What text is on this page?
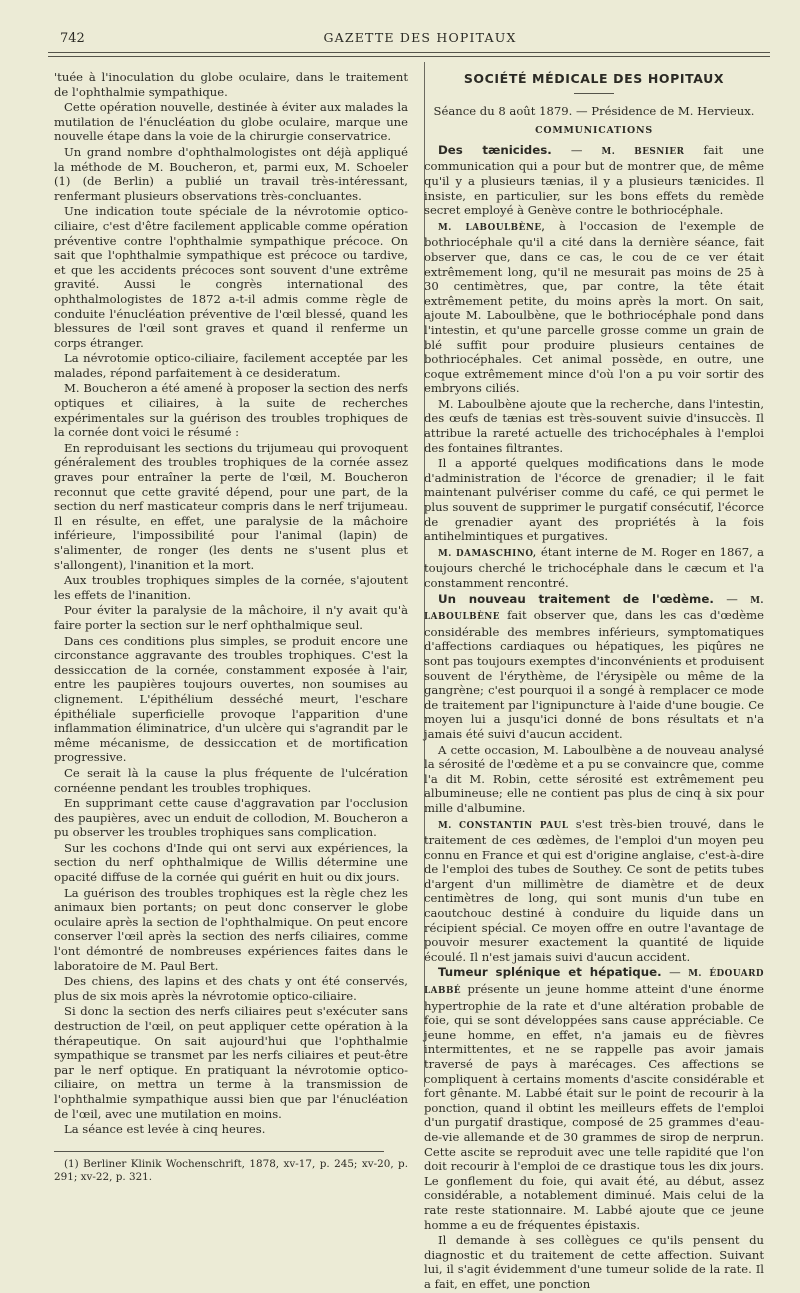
742	GAZETTE DES HOPITAUX

'tuée à l'inoculation du globe oculaire, dans le traitement de l'ophthalmie sympathique.

Cette opération nouvelle, destinée à éviter aux malades la mutilation de l'énucléation du globe oculaire, marque une nouvelle étape dans la voie de la chirurgie conservatrice.

Un grand nombre d'ophthalmologistes ont déjà appliqué la méthode de M. Boucheron, et, parmi eux, M. Schoeler (1) (de Berlin) a publié un travail très-intéressant, renfermant plusieurs observations très-concluantes.

Une indication toute spéciale de la névrotomie optico-ciliaire, c'est d'être facilement applicable comme opération préventive contre l'ophthalmie sympathique précoce. On sait que l'ophthalmie sympathique est précoce ou tardive, et que les accidents précoces sont souvent d'une extrême gravité. Aussi le congrès international des ophthalmologistes de 1872 a-t-il admis comme règle de conduite l'énucléation préventive de l'œil blessé, quand les blessures de l'œil sont graves et quand il renferme un corps étranger.

La névrotomie optico-ciliaire, facilement acceptée par les malades, répond parfaitement à ce desideratum.

M. Boucheron a été amené à proposer la section des nerfs optiques et ciliaires, à la suite de recherches expérimentales sur la guérison des troubles trophiques de la cornée dont voici le résumé :

En reproduisant les sections du trijumeau qui provoquent généralement des troubles trophiques de la cornée assez graves pour entraîner la perte de l'œil, M. Boucheron reconnut que cette gravité dépend, pour une part, de la section du nerf masticateur compris dans le nerf trijumeau. Il en résulte, en effet, une paralysie de la mâchoire inférieure, l'impossibilité pour l'animal (lapin) de s'alimenter, de ronger (les dents ne s'usent plus et s'allongent), l'inanition et la mort.

Aux troubles trophiques simples de la cornée, s'ajoutent les effets de l'inanition.

Pour éviter la paralysie de la mâchoire, il n'y avait qu'à faire porter la section sur le nerf ophthalmique seul.

Dans ces conditions plus simples, se produit encore une circonstance aggravante des troubles trophiques. C'est la dessiccation de la cornée, constamment exposée à l'air, entre les paupières toujours ouvertes, non soumises au clignement. L'épithélium desséché meurt, l'eschare épithéliale superficielle provoque l'apparition d'une inflammation éliminatrice, d'un ulcère qui s'agrandit par le même mécanisme, de dessiccation et de mortification progressive.

Ce serait là la cause la plus fréquente de l'ulcération cornéenne pendant les troubles trophiques.

En supprimant cette cause d'aggravation par l'occlusion des paupières, avec un enduit de collodion, M. Boucheron a pu observer les troubles trophiques sans complication.

Sur les cochons d'Inde qui ont servi aux expériences, la section du nerf ophthalmique de Willis détermine une opacité diffuse de la cornée qui guérit en huit ou dix jours.

La guérison des troubles trophiques est la règle chez les animaux bien portants; on peut donc conserver le globe oculaire après la section de l'ophthalmique. On peut encore conserver l'œil après la section des nerfs ciliaires, comme l'ont démontré de nombreuses expériences faites dans le laboratoire de M. Paul Bert.

Des chiens, des lapins et des chats y ont été conservés, plus de six mois après la névrotomie optico-ciliaire.

Si donc la section des nerfs ciliaires peut s'exécuter sans destruction de l'œil, on peut appliquer cette opération à la thérapeutique. On sait aujourd'hui que l'ophthalmie sympathique se transmet par les nerfs ciliaires et peut-être par le nerf optique. En pratiquant la névrotomie optico-ciliaire, on mettra un terme à la transmission de l'ophthalmie sympathique aussi bien que par l'énucléation de l'œil, avec une mutilation en moins.

La séance est levée à cinq heures.

(1) Berliner Klinik Wochenschrift, 1878, xv-17, p. 245; xv-20, p. 291; xv-22, p. 321.

SOCIÉTÉ MÉDICALE DES HOPITAUX
Séance du 8 août 1879. — Présidence de M. Hervieux.
COMMUNICATIONS

Des tænicides. — M. BESNIER fait une communication qui a pour but de montrer que, de même qu'il y a plusieurs tænias, il y a plusieurs tænicides. Il insiste, en particulier, sur les bons effets du remède secret employé à Genève contre le bothriocéphale.

M. LABOULBÈNE, à l'occasion de l'exemple de bothriocéphale qu'il a cité dans la dernière séance, fait observer que, dans ce cas, le cou de ce ver était extrêmement long, qu'il ne mesurait pas moins de 25 à 30 centimètres, que, par contre, la tête était extrêmement petite, du moins après la mort. On sait, ajoute M. Laboulbène, que le bothriocéphale pond dans l'intestin, et qu'une parcelle grosse comme un grain de blé suffit pour produire plusieurs centaines de bothriocéphales. Cet animal possède, en outre, une coque extrêmement mince d'où l'on a pu voir sortir des embryons ciliés.

M. Laboulbène ajoute que la recherche, dans l'intestin, des œufs de tænias est très-souvent suivie d'insuccès. Il attribue la rareté actuelle des trichocéphales à l'emploi des fontaines filtrantes.

Il a apporté quelques modifications dans le mode d'administration de l'écorce de grenadier; il le fait maintenant pulvériser comme du café, ce qui permet le plus souvent de supprimer le purgatif consécutif, l'écorce de grenadier ayant des propriétés à la fois antihelmintiques et purgatives.

M. DAMASCHINO, étant interne de M. Roger en 1867, a toujours cherché le trichocéphale dans le cæcum et l'a constamment rencontré.

Un nouveau traitement de l'œdème. — M. LABOULBÈNE fait observer que, dans les cas d'œdème considérable des membres inférieurs, symptomatiques d'affections cardiaques ou hépatiques, les piqûres ne sont pas toujours exemptes d'inconvénients et produisent souvent de l'érythème, de l'érysipèle ou même de la gangrène; c'est pourquoi il a songé à remplacer ce mode de traitement par l'ignipuncture à l'aide d'une bougie. Ce moyen lui a jusqu'ici donné de bons résultats et n'a jamais été suivi d'aucun accident.

A cette occasion, M. Laboulbène a de nouveau analysé la sérosité de l'œdème et a pu se convaincre que, comme l'a dit M. Robin, cette sérosité est extrêmement peu albumineuse; elle ne contient pas plus de cinq à six pour mille d'albumine.

M. CONSTANTIN PAUL s'est très-bien trouvé, dans le traitement de ces œdèmes, de l'emploi d'un moyen peu connu en France et qui est d'origine anglaise, c'est-à-dire de l'emploi des tubes de Southey. Ce sont de petits tubes d'argent d'un millimètre de diamètre et de deux centimètres de long, qui sont munis d'un tube en caoutchouc destiné à conduire du liquide dans un récipient spécial. Ce moyen offre en outre l'avantage de pouvoir mesurer exactement la quantité de liquide écoulé. Il n'est jamais suivi d'aucun accident.

Tumeur splénique et hépatique. — M. ÉDOUARD LABBÉ présente un jeune homme atteint d'une énorme hypertrophie de la rate et d'une altération probable de foie, qui se sont développées sans cause appréciable. Ce jeune homme, en effet, n'a jamais eu de fièvres intermittentes, et ne se rappelle pas avoir jamais traversé de pays à marécages. Ces affections se compliquent à certains moments d'ascite considérable et fort gênante. M. Labbé était sur le point de recourir à la ponction, quand il obtint les meilleurs effets de l'emploi d'un purgatif drastique, composé de 25 grammes d'eau-de-vie allemande et de 30 grammes de sirop de nerprun. Cette ascite se reproduit avec une telle rapidité que l'on doit recourir à l'emploi de ce drastique tous les dix jours. Le gonflement du foie, qui avait été, au début, assez considérable, a notablement diminué. Mais celui de la rate reste stationnaire. M. Labbé ajoute que ce jeune homme a eu de fréquentes épistaxis.

Il demande à ses collègues ce qu'ils pensent du diagnostic et du traitement de cette affection. Suivant lui, il s'agit évidemment d'une tumeur solide de la rate. Il a fait, en effet, une ponction
